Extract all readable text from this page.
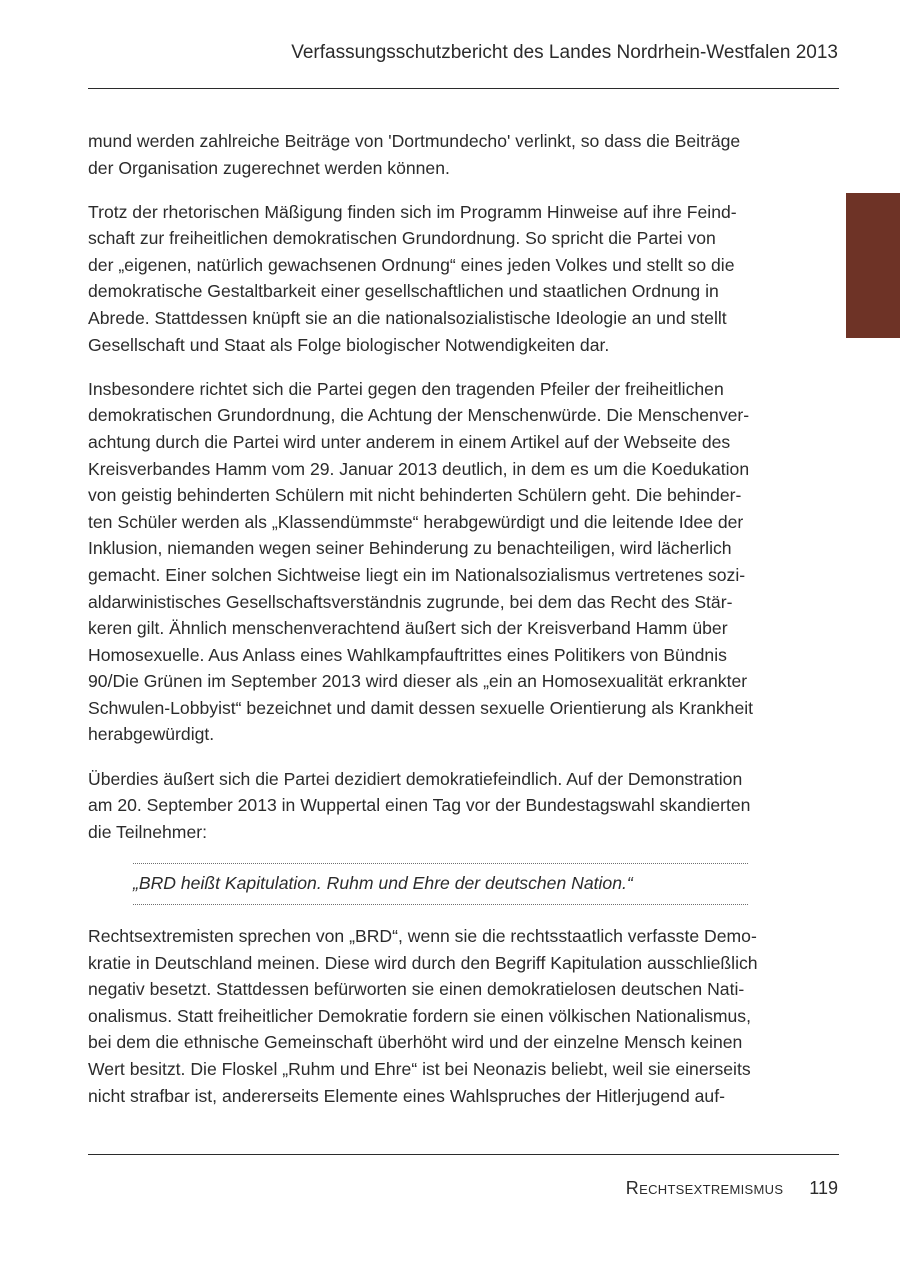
Verfassungsschutzbericht des Landes Nordrhein-Westfalen 2013

mund werden zahlreiche Beiträge von 'Dortmundecho' verlinkt, so dass die Beiträge
der Organisation zugerechnet werden können.

Trotz der rhetorischen Mäßigung finden sich im Programm Hinweise auf ihre Feind-
schaft zur freiheitlichen demokratischen Grundordnung. So spricht die Partei von
der „eigenen, natürlich gewachsenen Ordnung“ eines jeden Volkes und stellt so die
demokratische Gestaltbarkeit einer gesellschaftlichen und staatlichen Ordnung in
Abrede. Stattdessen knüpft sie an die nationalsozialistische Ideologie an und stellt
Gesellschaft und Staat als Folge biologischer Notwendigkeiten dar.

Insbesondere richtet sich die Partei gegen den tragenden Pfeiler der freiheitlichen
demokratischen Grundordnung, die Achtung der Menschenwürde. Die Menschenver-
achtung durch die Partei wird unter anderem in einem Artikel auf der Webseite des
Kreisverbandes Hamm vom 29. Januar 2013 deutlich, in dem es um die Koedukation
von geistig behinderten Schülern mit nicht behinderten Schülern geht. Die behinder-
ten Schüler werden als „Klassendümmste“ herabgewürdigt und die leitende Idee der
Inklusion, niemanden wegen seiner Behinderung zu benachteiligen, wird lächerlich
gemacht. Einer solchen Sichtweise liegt ein im Nationalsozialismus vertretenes sozi-
aldarwinistisches Gesellschaftsverständnis zugrunde, bei dem das Recht des Stär-
keren gilt. Ähnlich menschenverachtend äußert sich der Kreisverband Hamm über
Homosexuelle. Aus Anlass eines Wahlkampfauftrittes eines Politikers von Bündnis
90/Die Grünen im September 2013 wird dieser als „ein an Homosexualität erkrankter
Schwulen-Lobbyist“ bezeichnet und damit dessen sexuelle Orientierung als Krankheit
herabgewürdigt.

Überdies äußert sich die Partei dezidiert demokratiefeindlich. Auf der Demonstration
am 20. September 2013 in Wuppertal einen Tag vor der Bundestagswahl skandierten
die Teilnehmer:

„BRD heißt Kapitulation. Ruhm und Ehre der deutschen Nation.“

Rechtsextremisten sprechen von „BRD“, wenn sie die rechtsstaatlich verfasste Demo-
kratie in Deutschland meinen. Diese wird durch den Begriff Kapitulation ausschließlich
negativ besetzt. Stattdessen befürworten sie einen demokratielosen deutschen Nati-
onalismus. Statt freiheitlicher Demokratie fordern sie einen völkischen Nationalismus,
bei dem die ethnische Gemeinschaft überhöht wird und der einzelne Mensch keinen
Wert besitzt. Die Floskel „Ruhm und Ehre“ ist bei Neonazis beliebt, weil sie einerseits
nicht strafbar ist, andererseits Elemente eines Wahlspruches der Hitlerjugend auf-

Rechtsextremismus 119
